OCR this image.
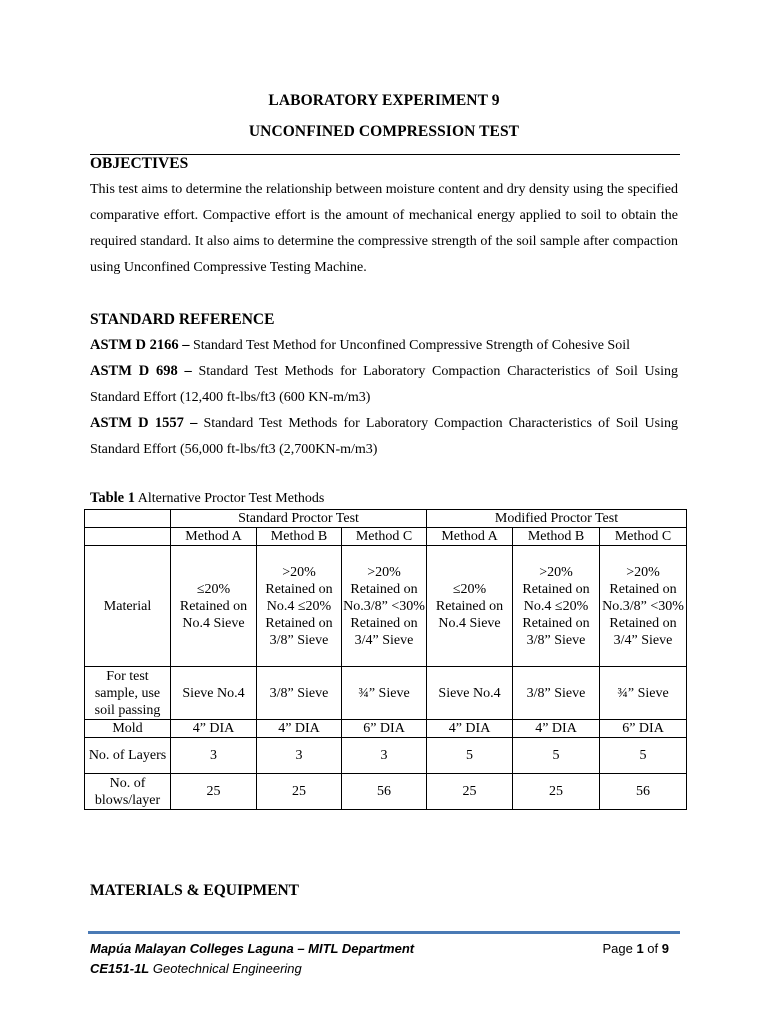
LABORATORY EXPERIMENT 9
UNCONFINED COMPRESSION TEST
OBJECTIVES
This test aims to determine the relationship between moisture content and dry density using the specified comparative effort. Compactive effort is the amount of mechanical energy applied to soil to obtain the required standard. It also aims to determine the compressive strength of the soil sample after compaction using Unconfined Compressive Testing Machine.
STANDARD REFERENCE
ASTM D 2166 – Standard Test Method for Unconfined Compressive Strength of Cohesive Soil
ASTM D 698 – Standard Test Methods for Laboratory Compaction Characteristics of Soil Using Standard Effort (12,400 ft-lbs/ft3 (600 KN-m/m3)
ASTM D 1557 – Standard Test Methods for Laboratory Compaction Characteristics of Soil Using Standard Effort (56,000 ft-lbs/ft3 (2,700KN-m/m3)
Table 1 Alternative Proctor Test Methods
	Standard Proctor Test			Modified Proctor Test		
	Method A	Method B	Method C	Method A	Method B	Method C
Material	≤20% Retained on No.4 Sieve	>20% Retained on No.4 ≤20% Retained on 3/8” Sieve	>20% Retained on No.3/8” <30% Retained on 3/4” Sieve	≤20% Retained on No.4 Sieve	>20% Retained on No.4 ≤20% Retained on 3/8” Sieve	>20% Retained on No.3/8” <30% Retained on 3/4” Sieve
For test sample, use soil passing	Sieve No.4	3/8” Sieve	¾” Sieve	Sieve No.4	3/8” Sieve	¾” Sieve
Mold	4” DIA	4” DIA	6” DIA	4” DIA	4” DIA	6” DIA
No. of Layers	3	3	3	5	5	5
No. of blows/layer	25	25	56	25	25	56
MATERIALS & EQUIPMENT
Mapúa Malayan Colleges Laguna – MITL Department
CE151-1L Geotechnical Engineering
Page 1 of 9
